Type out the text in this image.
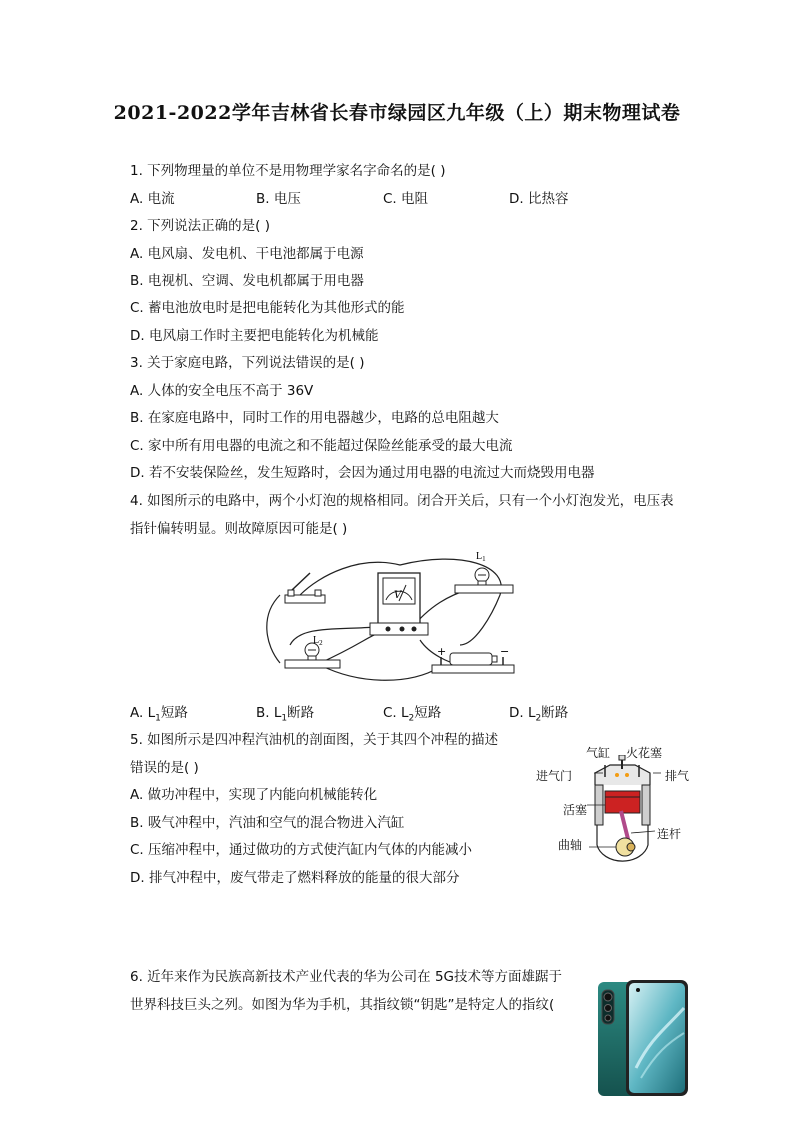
2021-2022学年吉林省长春市绿园区九年级（上）期末物理试卷
1. 下列物理量的单位不是用物理学家名字命名的是( )
A. 电流	B. 电压	C. 电阻	D. 比热容
2. 下列说法正确的是( )
A. 电风扇、发电机、干电池都属于电源
B. 电视机、空调、发电机都属于用电器
C. 蓄电池放电时是把电能转化为其他形式的能
D. 电风扇工作时主要把电能转化为机械能
3. 关于家庭电路，下列说法错误的是( )
A. 人体的安全电压不高于 36V
B. 在家庭电路中，同时工作的用电器越少，电路的总电阻越大
C. 家中所有用电器的电流之和不能超过保险丝能承受的最大电流
D. 若不安装保险丝，发生短路时，会因为通过用电器的电流过大而烧毁用电器
4. 如图所示的电路中，两个小灯泡的规格相同。闭合开关后，只有一个小灯泡发光，电压表
指针偏转明显。则故障原因可能是( )
V
$L_1$
$L_2$
+	−
A. $L_1$短路	B. $L_1$断路	C. $L_2$短路	D. $L_2$断路
5. 如图所示是四冲程汽油机的剖面图，关于其四个冲程的描述
错误的是( )
A. 做功冲程中，实现了内能向机械能转化
B. 吸气冲程中，汽油和空气的混合物进入汽缸
C. 压缩冲程中，通过做功的方式使汽缸内气体的内能减小
D. 排气冲程中，废气带走了燃料释放的能量的很大部分
气缸 火花塞
进气门	排气
活塞
连杆
曲轴
6. 近年来作为民族高新技术产业代表的华为公司在 5G技术等方面雄踞于
世界科技巨头之列。如图为华为手机，其指纹锁“钥匙”是特定人的指纹(
